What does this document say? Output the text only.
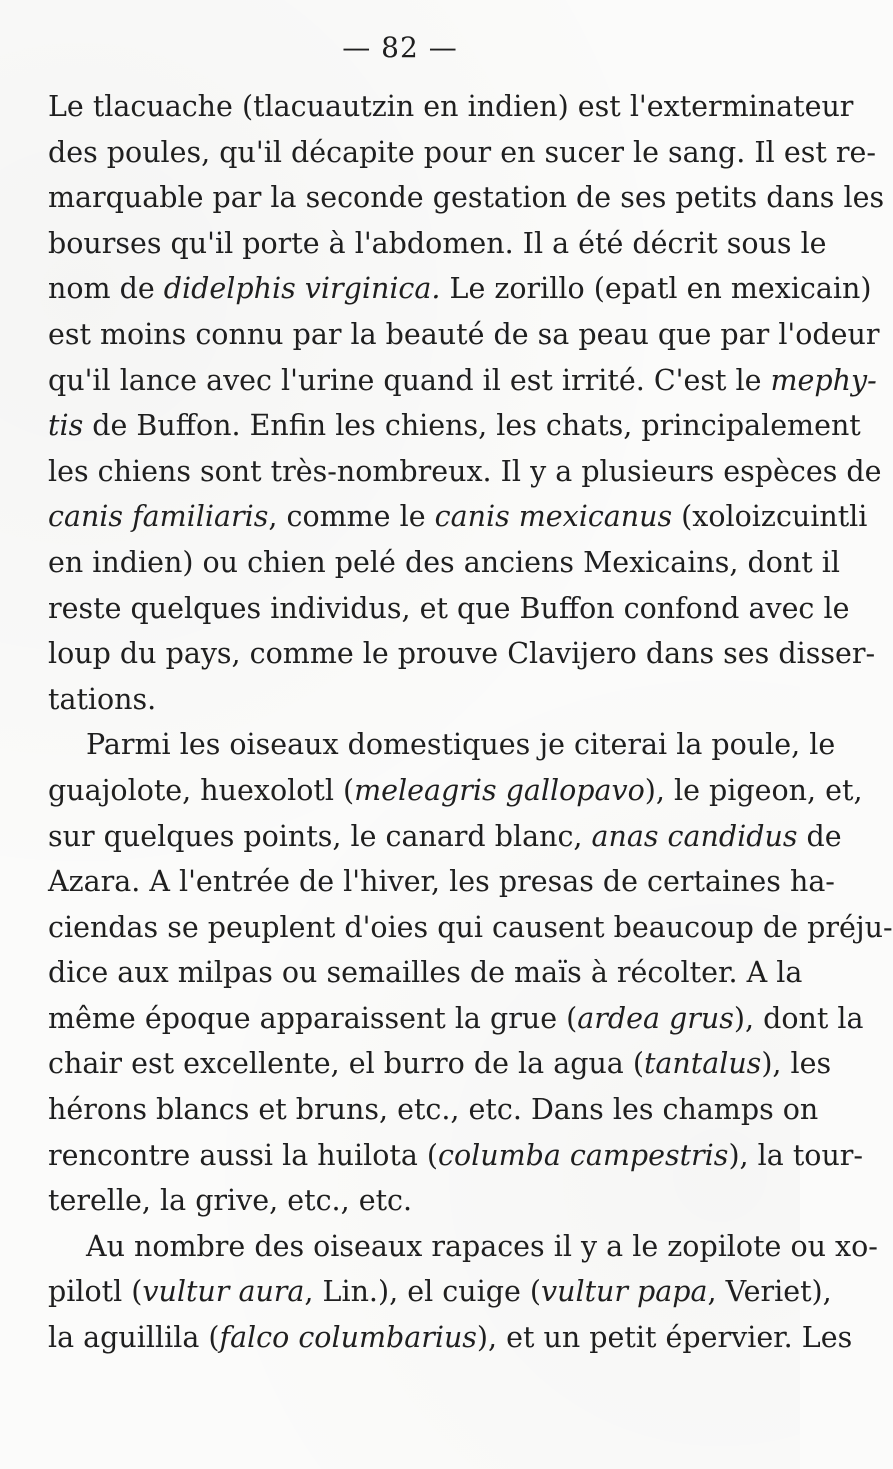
— 82 —
Le tlacuache (tlacuautzin en indien) est l'exterminateur
des poules, qu'il décapite pour en sucer le sang. Il est re-
marquable par la seconde gestation de ses petits dans les
bourses qu'il porte à l'abdomen. Il a été décrit sous le
nom de didelphis virginica. Le zorillo (epatl en mexicain)
est moins connu par la beauté de sa peau que par l'odeur
qu'il lance avec l'urine quand il est irrité. C'est le mephy-
tis de Buffon. Enfin les chiens, les chats, principalement
les chiens sont très-nombreux. Il y a plusieurs espèces de
canis familiaris, comme le canis mexicanus (xoloizcuintli
en indien) ou chien pelé des anciens Mexicains, dont il
reste quelques individus, et que Buffon confond avec le
loup du pays, comme le prouve Clavijero dans ses disser-
tations.
Parmi les oiseaux domestiques je citerai la poule, le
guajolote, huexolotl (meleagris gallopavo), le pigeon, et,
sur quelques points, le canard blanc, anas candidus de
Azara. A l'entrée de l'hiver, les presas de certaines ha-
ciendas se peuplent d'oies qui causent beaucoup de préju-
dice aux milpas ou semailles de maïs à récolter. A la
même époque apparaissent la grue (ardea grus), dont la
chair est excellente, el burro de la agua (tantalus), les
hérons blancs et bruns, etc., etc. Dans les champs on
rencontre aussi la huilota (columba campestris), la tour-
terelle, la grive, etc., etc.
Au nombre des oiseaux rapaces il y a le zopilote ou xo-
pilotl (vultur aura, Lin.), el cuige (vultur papa, Veriet),
la aguillila (falco columbarius), et un petit épervier. Les
